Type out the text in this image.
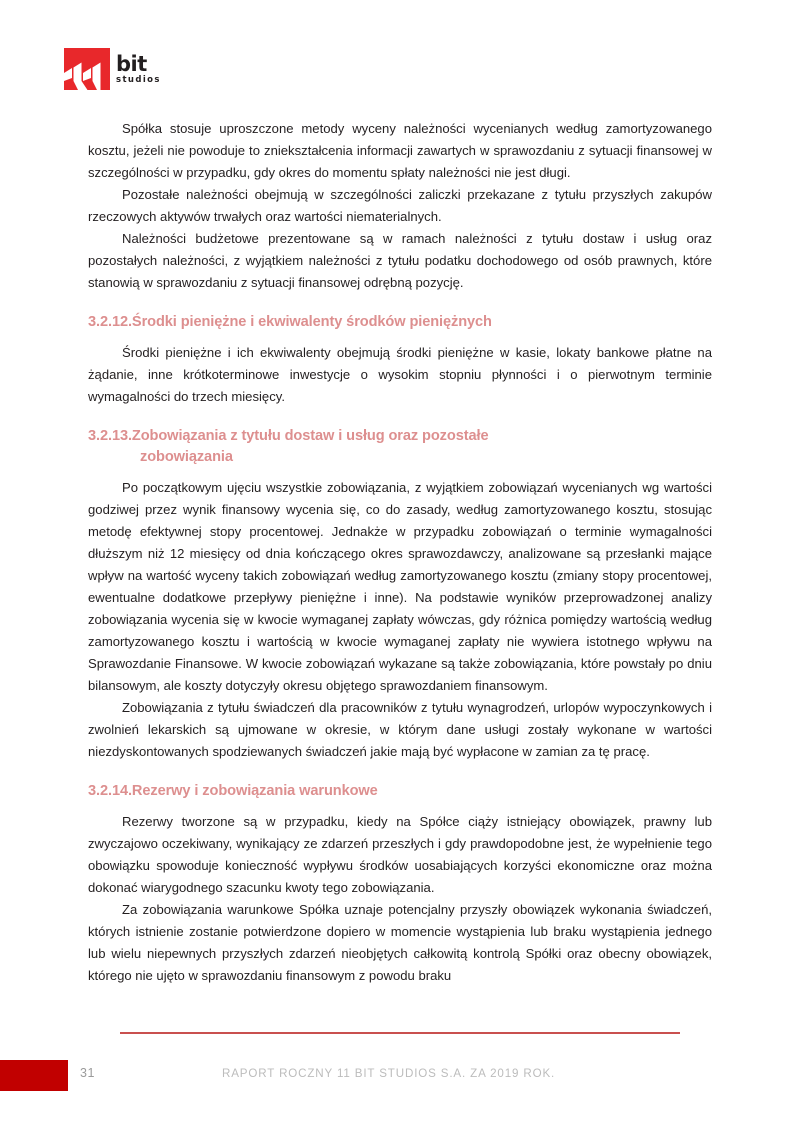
bit
studios

Spółka stosuje uproszczone metody wyceny należności wycenianych według zamortyzowanego kosztu, jeżeli nie powoduje to zniekształcenia informacji zawartych w sprawozdaniu z sytuacji finansowej w szczególności w przypadku, gdy okres do momentu spłaty należności nie jest długi.

Pozostałe należności obejmują w szczególności zaliczki przekazane z tytułu przyszłych zakupów rzeczowych aktywów trwałych oraz wartości niematerialnych.

Należności budżetowe prezentowane są w ramach należności z tytułu dostaw i usług oraz pozostałych należności, z wyjątkiem należności z tytułu podatku dochodowego od osób prawnych, które stanowią w sprawozdaniu z sytuacji finansowej odrębną pozycję.

3.2.12.Środki pieniężne i ekwiwalenty środków pieniężnych

Środki pieniężne i ich ekwiwalenty obejmują środki pieniężne w kasie, lokaty bankowe płatne na żądanie, inne krótkoterminowe inwestycje o wysokim stopniu płynności i o pierwotnym terminie wymagalności do trzech miesięcy.

3.2.13.Zobowiązania z tytułu dostaw i usług oraz pozostałe
zobowiązania

Po początkowym ujęciu wszystkie zobowiązania, z wyjątkiem zobowiązań wycenianych wg wartości godziwej przez wynik finansowy wycenia się, co do zasady, według zamortyzowanego kosztu, stosując metodę efektywnej stopy procentowej. Jednakże w przypadku zobowiązań o terminie wymagalności dłuższym niż 12 miesięcy od dnia kończącego okres sprawozdawczy, analizowane są przesłanki mające wpływ na wartość wyceny takich zobowiązań według zamortyzowanego kosztu (zmiany stopy procentowej, ewentualne dodatkowe przepływy pieniężne i inne). Na podstawie wyników przeprowadzonej analizy zobowiązania wycenia się w kwocie wymaganej zapłaty wówczas, gdy różnica pomiędzy wartością według zamortyzowanego kosztu i wartością w kwocie wymaganej zapłaty nie wywiera istotnego wpływu na Sprawozdanie Finansowe. W kwocie zobowiązań wykazane są także zobowiązania, które powstały po dniu bilansowym, ale koszty dotyczyły okresu objętego sprawozdaniem finansowym.

Zobowiązania z tytułu świadczeń dla pracowników z tytułu wynagrodzeń, urlopów wypoczynkowych i zwolnień lekarskich są ujmowane w okresie, w którym dane usługi zostały wykonane w wartości niezdyskontowanych spodziewanych świadczeń jakie mają być wypłacone w zamian za tę pracę.

3.2.14.Rezerwy i zobowiązania warunkowe

Rezerwy tworzone są w przypadku, kiedy na Spółce ciąży istniejący obowiązek, prawny lub zwyczajowo oczekiwany, wynikający ze zdarzeń przeszłych i gdy prawdopodobne jest, że wypełnienie tego obowiązku spowoduje konieczność wypływu środków uosabiających korzyści ekonomiczne oraz można dokonać wiarygodnego szacunku kwoty tego zobowiązania.

Za zobowiązania warunkowe Spółka uznaje potencjalny przyszły obowiązek wykonania świadczeń, których istnienie zostanie potwierdzone dopiero w momencie wystąpienia lub braku wystąpienia jednego lub wielu niepewnych przyszłych zdarzeń nieobjętych całkowitą kontrolą Spółki oraz obecny obowiązek, którego nie ujęto w sprawozdaniu finansowym z powodu braku

31	RAPORT ROCZNY 11 BIT STUDIOS S.A. ZA 2019 ROK.
